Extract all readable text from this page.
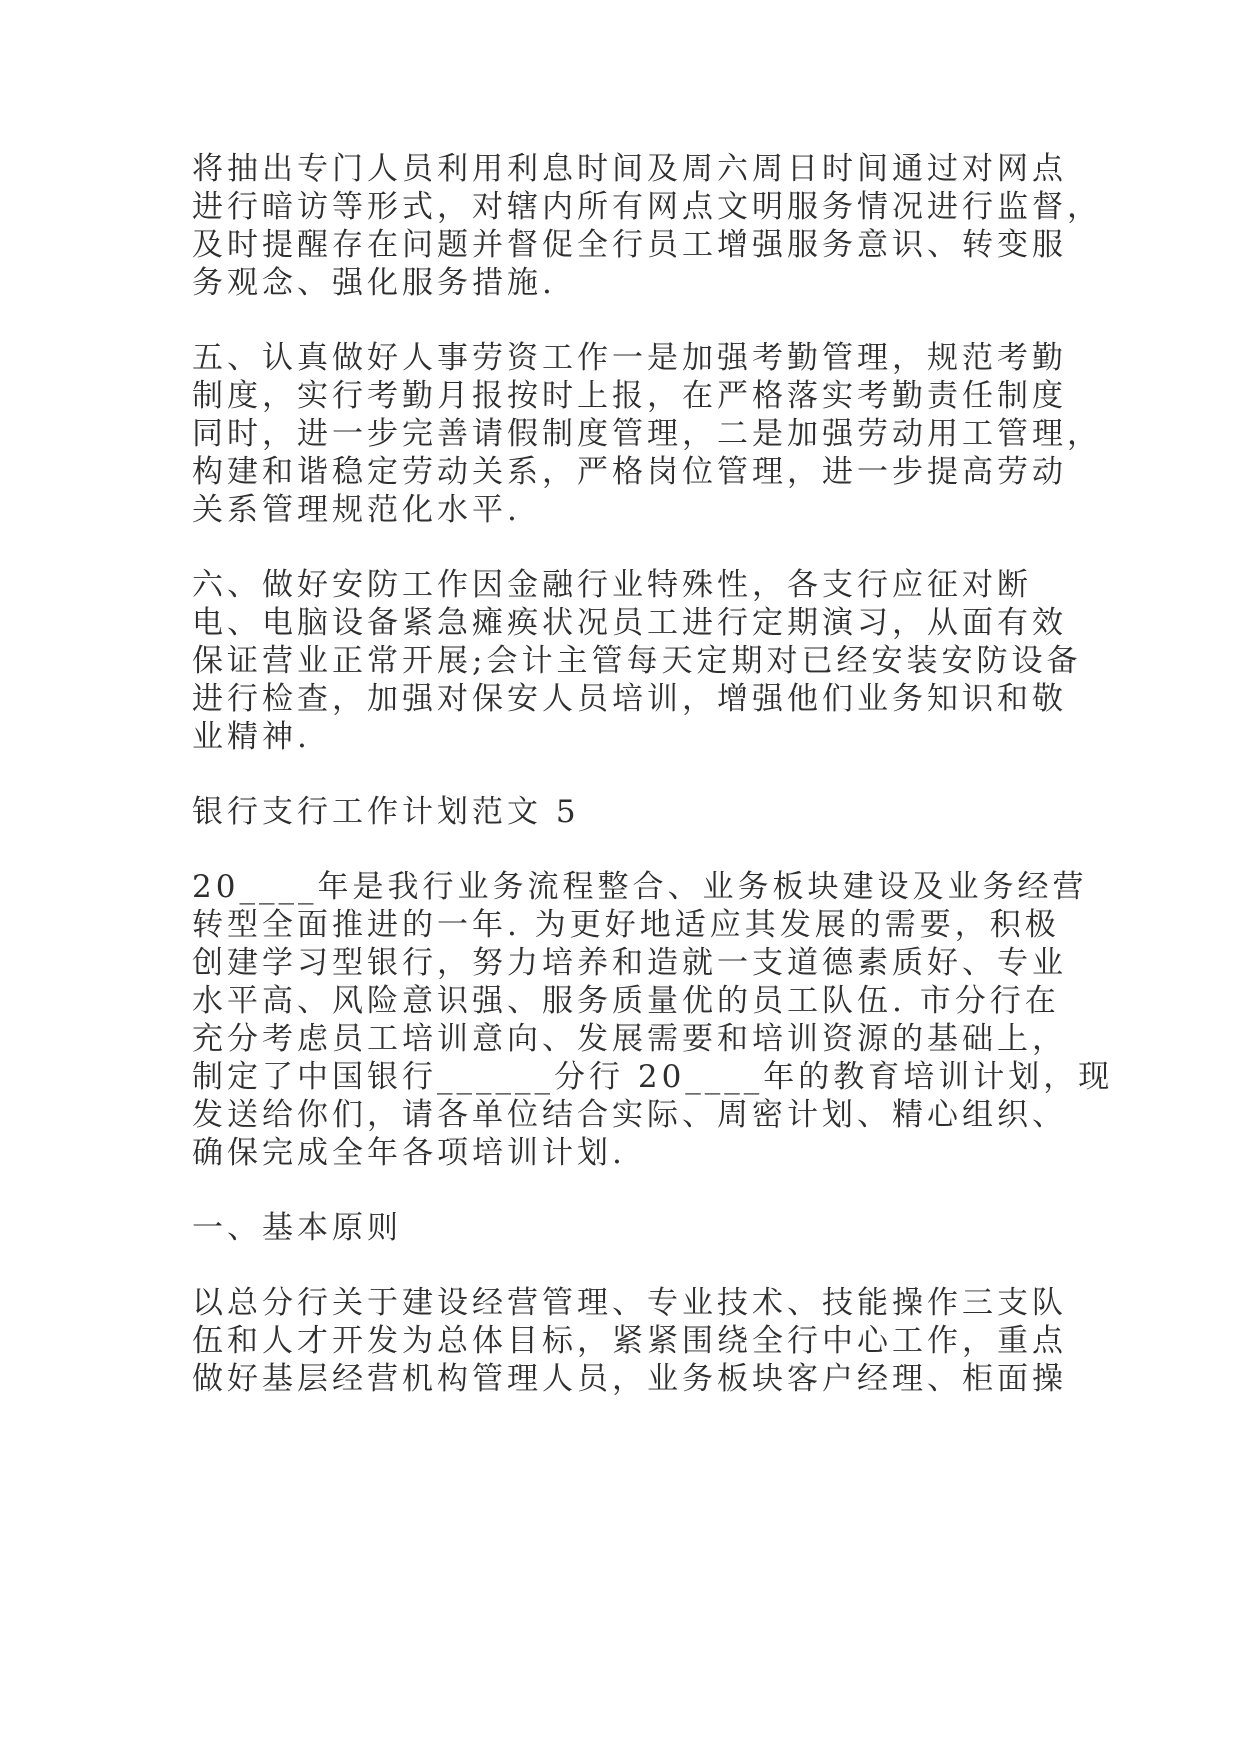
将抽出专门人员利用利息时间及周六周日时间通过对网点
进行暗访等形式，对辖内所有网点文明服务情况进行监督，
及时提醒存在问题并督促全行员工增强服务意识、转变服
务观念、强化服务措施.
五、认真做好人事劳资工作一是加强考勤管理，规范考勤
制度，实行考勤月报按时上报，在严格落实考勤责任制度
同时，进一步完善请假制度管理，二是加强劳动用工管理，
构建和谐稳定劳动关系，严格岗位管理，进一步提高劳动
关系管理规范化水平.
六、做好安防工作因金融行业特殊性，各支行应征对断
电、电脑设备紧急瘫痪状况员工进行定期演习，从面有效
保证营业正常开展;会计主管每天定期对已经安装安防设备
进行检查，加强对保安人员培训，增强他们业务知识和敬
业精神.
银行支行工作计划范文 5
20____年是我行业务流程整合、业务板块建设及业务经营
转型全面推进的一年. 为更好地适应其发展的需要，积极
创建学习型银行，努力培养和造就一支道德素质好、专业
水平高、风险意识强、服务质量优的员工队伍. 市分行在
充分考虑员工培训意向、发展需要和培训资源的基础上，
制定了中国银行______分行 20____年的教育培训计划，现
发送给你们，请各单位结合实际、周密计划、精心组织、
确保完成全年各项培训计划.
一、基本原则
以总分行关于建设经营管理、专业技术、技能操作三支队
伍和人才开发为总体目标，紧紧围绕全行中心工作，重点
做好基层经营机构管理人员，业务板块客户经理、柜面操
